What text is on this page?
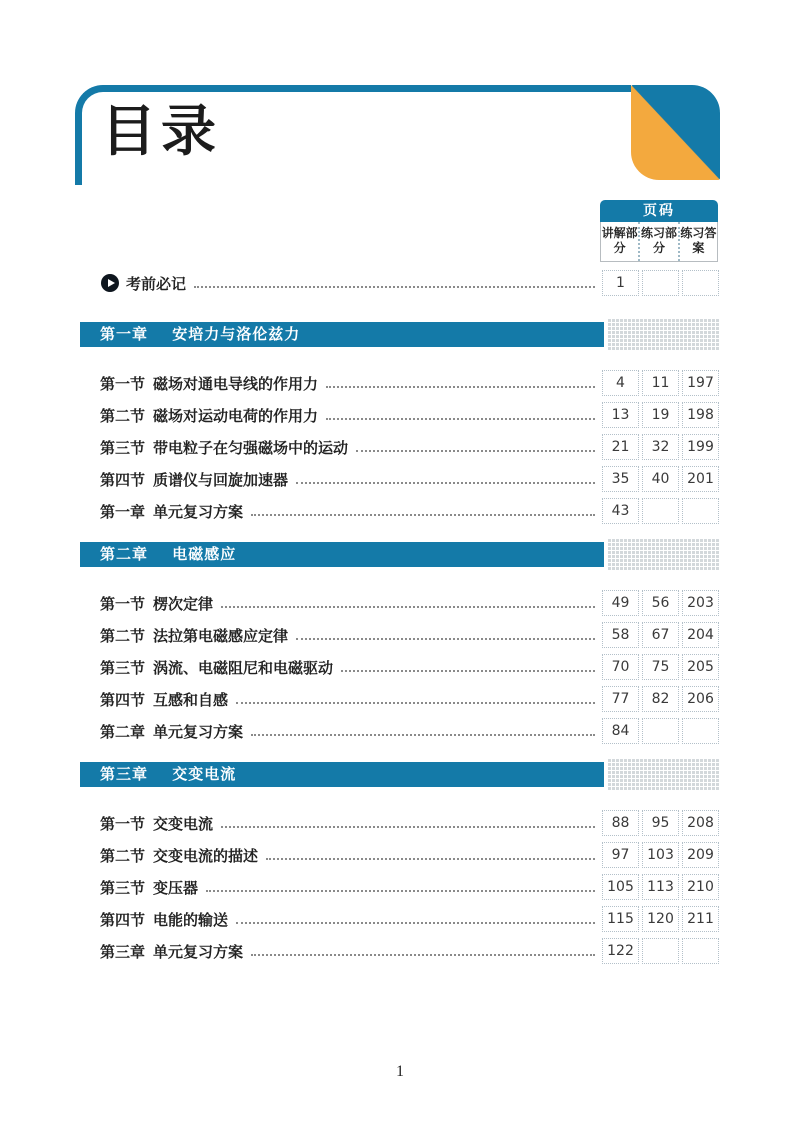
目录
页码
讲解部分
练习部分
练习答案
考前必记	1
第一章 安培力与洛伦兹力
第一节 磁场对通电导线的作用力	4	11	197
第二节 磁场对运动电荷的作用力	13	19	198
第三节 带电粒子在匀强磁场中的运动	21	32	199
第四节 质谱仪与回旋加速器	35	40	201
第一章 单元复习方案	43
第二章 电磁感应
第一节 楞次定律	49	56	203
第二节 法拉第电磁感应定律	58	67	204
第三节 涡流、电磁阻尼和电磁驱动	70	75	205
第四节 互感和自感	77	82	206
第二章 单元复习方案	84
第三章 交变电流
第一节 交变电流	88	95	208
第二节 交变电流的描述	97	103 209
第三节 变压器	105 113 210
第四节 电能的输送	115 120 211
第三章 单元复习方案	122
1
